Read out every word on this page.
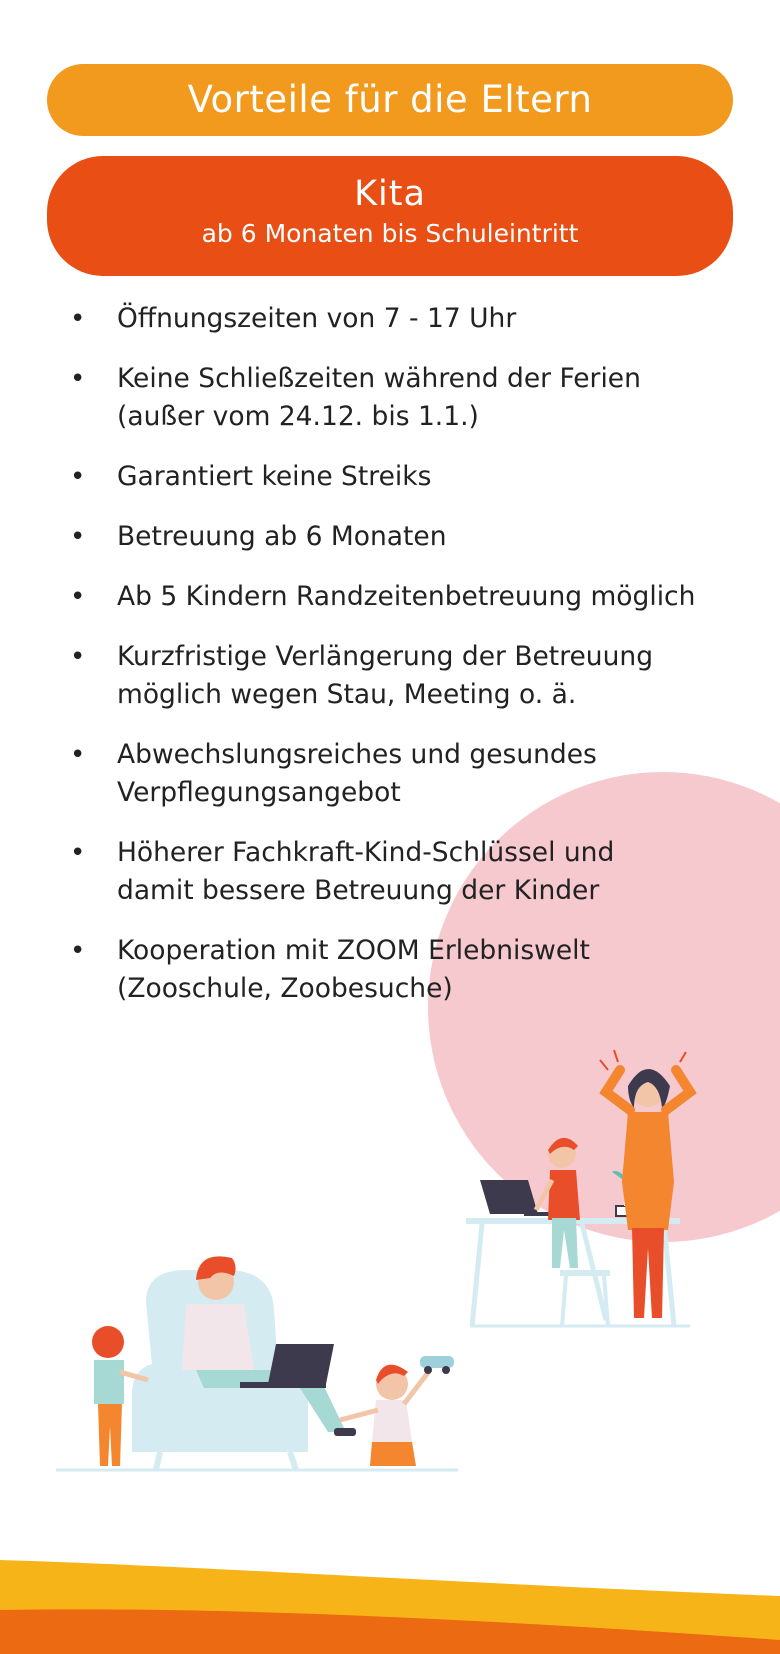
Vorteile für die Eltern
Kita
ab 6 Monaten bis Schuleintritt
• Öffnungszeiten von 7 - 17 Uhr
• Keine Schließzeiten während der Ferien
(außer vom 24.12. bis 1.1.)
• Garantiert keine Streiks
• Betreuung ab 6 Monaten
• Ab 5 Kindern Randzeitenbetreuung möglich
• Kurzfristige Verlängerung der Betreuung
möglich wegen Stau, Meeting o. ä.
• Abwechslungsreiches und gesundes
Verpflegungsangebot
• Höherer Fachkraft-Kind-Schlüssel und
damit bessere Betreuung der Kinder
• Kooperation mit ZOOM Erlebniswelt
(Zooschule, Zoobesuche)
